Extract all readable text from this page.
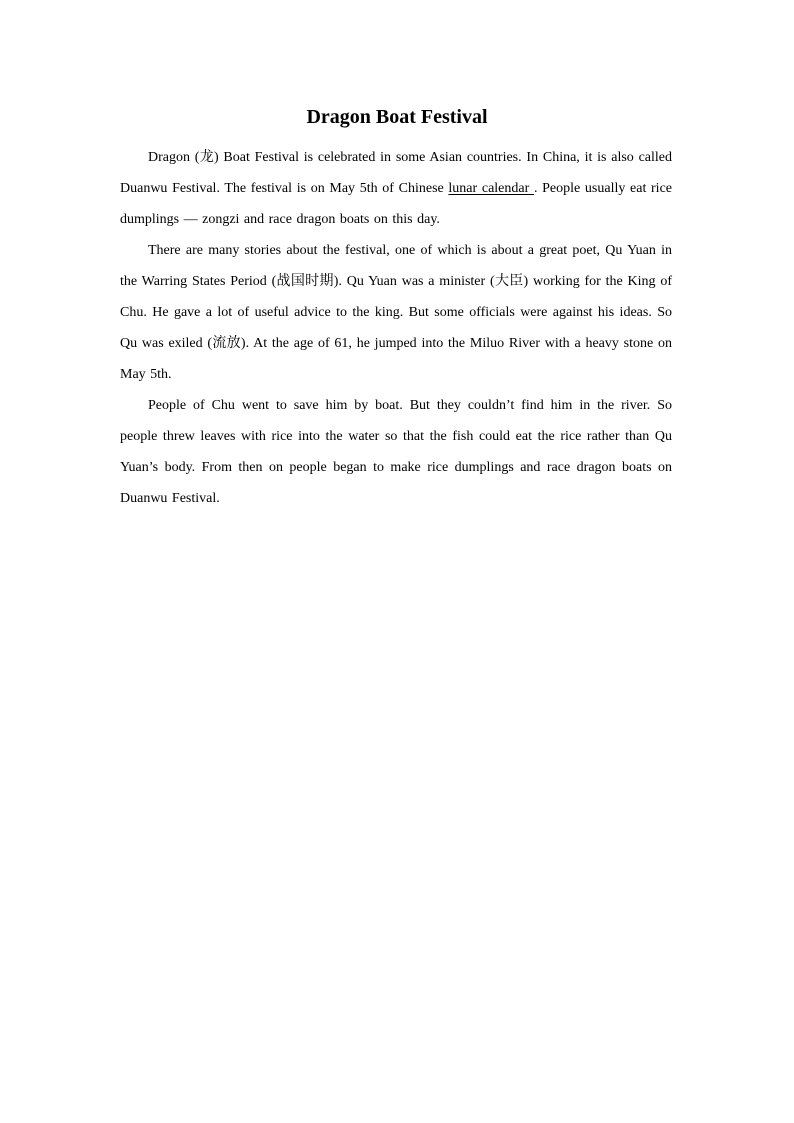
Dragon Boat Festival

Dragon (龙) Boat Festival is celebrated in some Asian countries. In China, it is also called Duanwu Festival. The festival is on May 5th of Chinese lunar calendar . People usually eat rice dumplings — zongzi and race dragon boats on this day.

There are many stories about the festival, one of which is about a great poet, Qu Yuan in the Warring States Period (战国时期). Qu Yuan was a minister (大臣) working for the King of Chu. He gave a lot of useful advice to the king. But some officials were against his ideas. So Qu was exiled (流放). At the age of 61, he jumped into the Miluo River with a heavy stone on May 5th.

People of Chu went to save him by boat. But they couldn’t find him in the river. So people threw leaves with rice into the water so that the fish could eat the rice rather than Qu Yuan’s body. From then on people began to make rice dumplings and race dragon boats on Duanwu Festival.
